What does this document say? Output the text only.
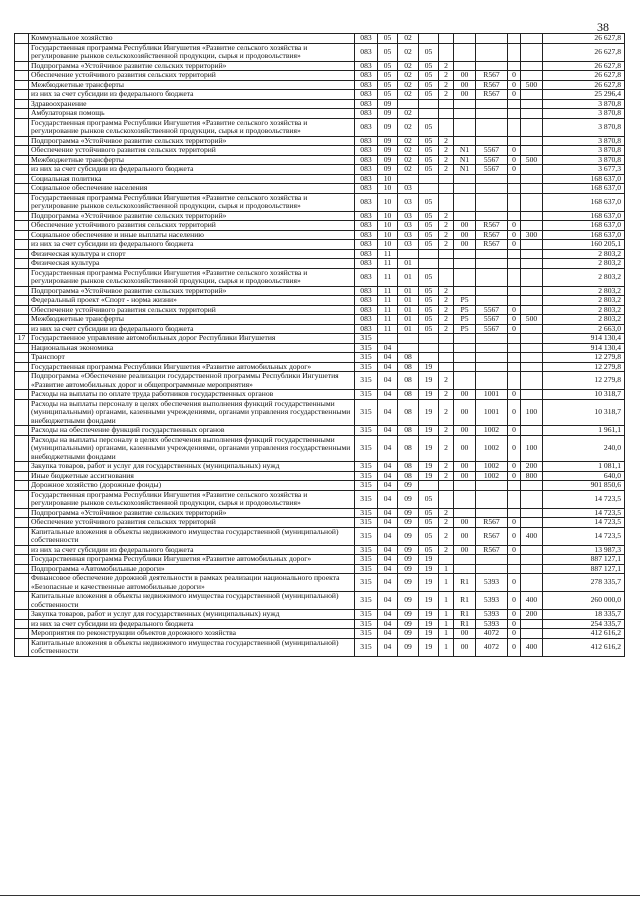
38
	Коммунальное хозяйство	083	05	02							26 627,8
	Государственная программа Республики Ингушетия «Развитие сельского хозяйства и регулирование рынков сельскохозяйственной продукции, сырья и продовольствия»	083	05	02	05						26 627,8
	Подпрограмма «Устойчивое развитие сельских территорий»	083	05	02	05	2					26 627,8
	Обеспечение устойчивого развития сельских территорий	083	05	02	05	2	00	R567	0		26 627,8
	Межбюджетные трансферты	083	05	02	05	2	00	R567	0	500	26 627,8
	из них за счет субсидии из федерального бюджета	083	05	02	05	2	00	R567	0		25 296,4
	Здравоохранение	083	09								3 870,8
	Амбулаторная помощь	083	09	02							3 870,8
	Государственная программа Республики Ингушетия «Развитие сельского хозяйства и регулирование рынков сельскохозяйственной продукции, сырья и продовольствия»	083	09	02	05						3 870,8
	Подпрограмма «Устойчивое развитие сельских территорий»	083	09	02	05	2					3 870,8
	Обеспечение устойчивого развития сельских территорий	083	09	02	05	2	N1	5567	0		3 870,8
	Межбюджетные трансферты	083	09	02	05	2	N1	5567	0	500	3 870,8
	из них за счет субсидии из федерального бюджета	083	09	02	05	2	N1	5567	0		3 677,3
	Социальная политика	083	10								168 637,0
	Социальное обеспечение населения	083	10	03							168 637,0
	Государственная программа Республики Ингушетия «Развитие сельского хозяйства и регулирование рынков сельскохозяйственной продукции, сырья и продовольствия»	083	10	03	05						168 637,0
	Подпрограмма «Устойчивое развитие сельских территорий»	083	10	03	05	2					168 637,0
	Обеспечение устойчивого развития сельских территорий	083	10	03	05	2	00	R567	0		168 637,0
	Социальное обеспечение и иные выплаты населению	083	10	03	05	2	00	R567	0	300	168 637,0
	из них за счет субсидии из федерального бюджета	083	10	03	05	2	00	R567	0		160 205,1
	Физическая культура и спорт	083	11								2 803,2
	Физическая культура	083	11	01							2 803,2
	Государственная программа Республики Ингушетия «Развитие сельского хозяйства и регулирование рынков сельскохозяйственной продукции, сырья и продовольствия»	083	11	01	05						2 803,2
	Подпрограмма «Устойчивое развитие сельских территорий»	083	11	01	05	2					2 803,2
	Федеральный проект «Спорт - норма жизни»	083	11	01	05	2	P5				2 803,2
	Обеспечение устойчивого развития сельских территорий	083	11	01	05	2	P5	5567	0		2 803,2
	Межбюджетные трансферты	083	11	01	05	2	P5	5567	0	500	2 803,2
	из них за счет субсидии из федерального бюджета	083	11	01	05	2	P5	5567	0		2 663,0
17	Государственное управление автомобильных дорог Республики Ингушетия	315									914 130,4
	Национальная экономика	315	04								914 130,4
	Транспорт	315	04	08							12 279,8
	Государственная программа Республики Ингушетия «Развитие автомобильных дорог»	315	04	08	19						12 279,8
	Подпрограмма «Обеспечение реализации государственной программы Республики Ингушетия «Развитие автомобильных дорог и общепрограммные мероприятия»	315	04	08	19	2					12 279,8
	Расходы на выплаты по оплате труда работников государственных органов	315	04	08	19	2	00	1001	0		10 318,7
	Расходы на выплаты персоналу в целях обеспечения выполнения функций государственными (муниципальными) органами, казенными учреждениями, органами управления государственными внебюджетными фондами	315	04	08	19	2	00	1001	0	100	10 318,7
	Расходы на обеспечение функций государственных органов	315	04	08	19	2	00	1002	0		1 961,1
	Расходы на выплаты персоналу в целях обеспечения выполнения функций государственными (муниципальными) органами, казенными учреждениями, органами управления государственными внебюджетными фондами	315	04	08	19	2	00	1002	0	100	240,0
	Закупка товаров, работ и услуг для государственных (муниципальных) нужд	315	04	08	19	2	00	1002	0	200	1 081,1
	Иные бюджетные ассигнования	315	04	08	19	2	00	1002	0	800	640,0
	Дорожное хозяйство (дорожные фонды)	315	04	09							901 850,6
	Государственная программа Республики Ингушетия «Развитие сельского хозяйства и регулирование рынков сельскохозяйственной продукции, сырья и продовольствия»	315	04	09	05						14 723,5
	Подпрограмма «Устойчивое развитие сельских территорий»	315	04	09	05	2					14 723,5
	Обеспечение устойчивого развития сельских территорий	315	04	09	05	2	00	R567	0		14 723,5
	Капитальные вложения в объекты недвижимого имущества государственной (муниципальной) собственности	315	04	09	05	2	00	R567	0	400	14 723,5
	из них за счет субсидии из федерального бюджета	315	04	09	05	2	00	R567	0		13 987,3
	Государственная программа Республики Ингушетия «Развитие автомобильных дорог»	315	04	09	19						887 127,1
	Подпрограмма «Автомобильные дороги»	315	04	09	19	1					887 127,1
	Финансовое обеспечение дорожной деятельности в рамках реализации национального проекта «Безопасные и качественные автомобильные дороги»	315	04	09	19	1	R1	5393	0		278 335,7
	Капитальные вложения в объекты недвижимого имущества государственной (муниципальной) собственности	315	04	09	19	1	R1	5393	0	400	260 000,0
	Закупка товаров, работ и услуг для государственных (муниципальных) нужд	315	04	09	19	1	R1	5393	0	200	18 335,7
	из них за счет субсидии из федерального бюджета	315	04	09	19	1	R1	5393	0		254 335,7
	Мероприятия по реконструкции объектов дорожного хозяйства	315	04	09	19	1	00	4072	0		412 616,2
	Капитальные вложения в объекты недвижимого имущества государственной (муниципальной) собственности	315	04	09	19	1	00	4072	0	400	412 616,2
